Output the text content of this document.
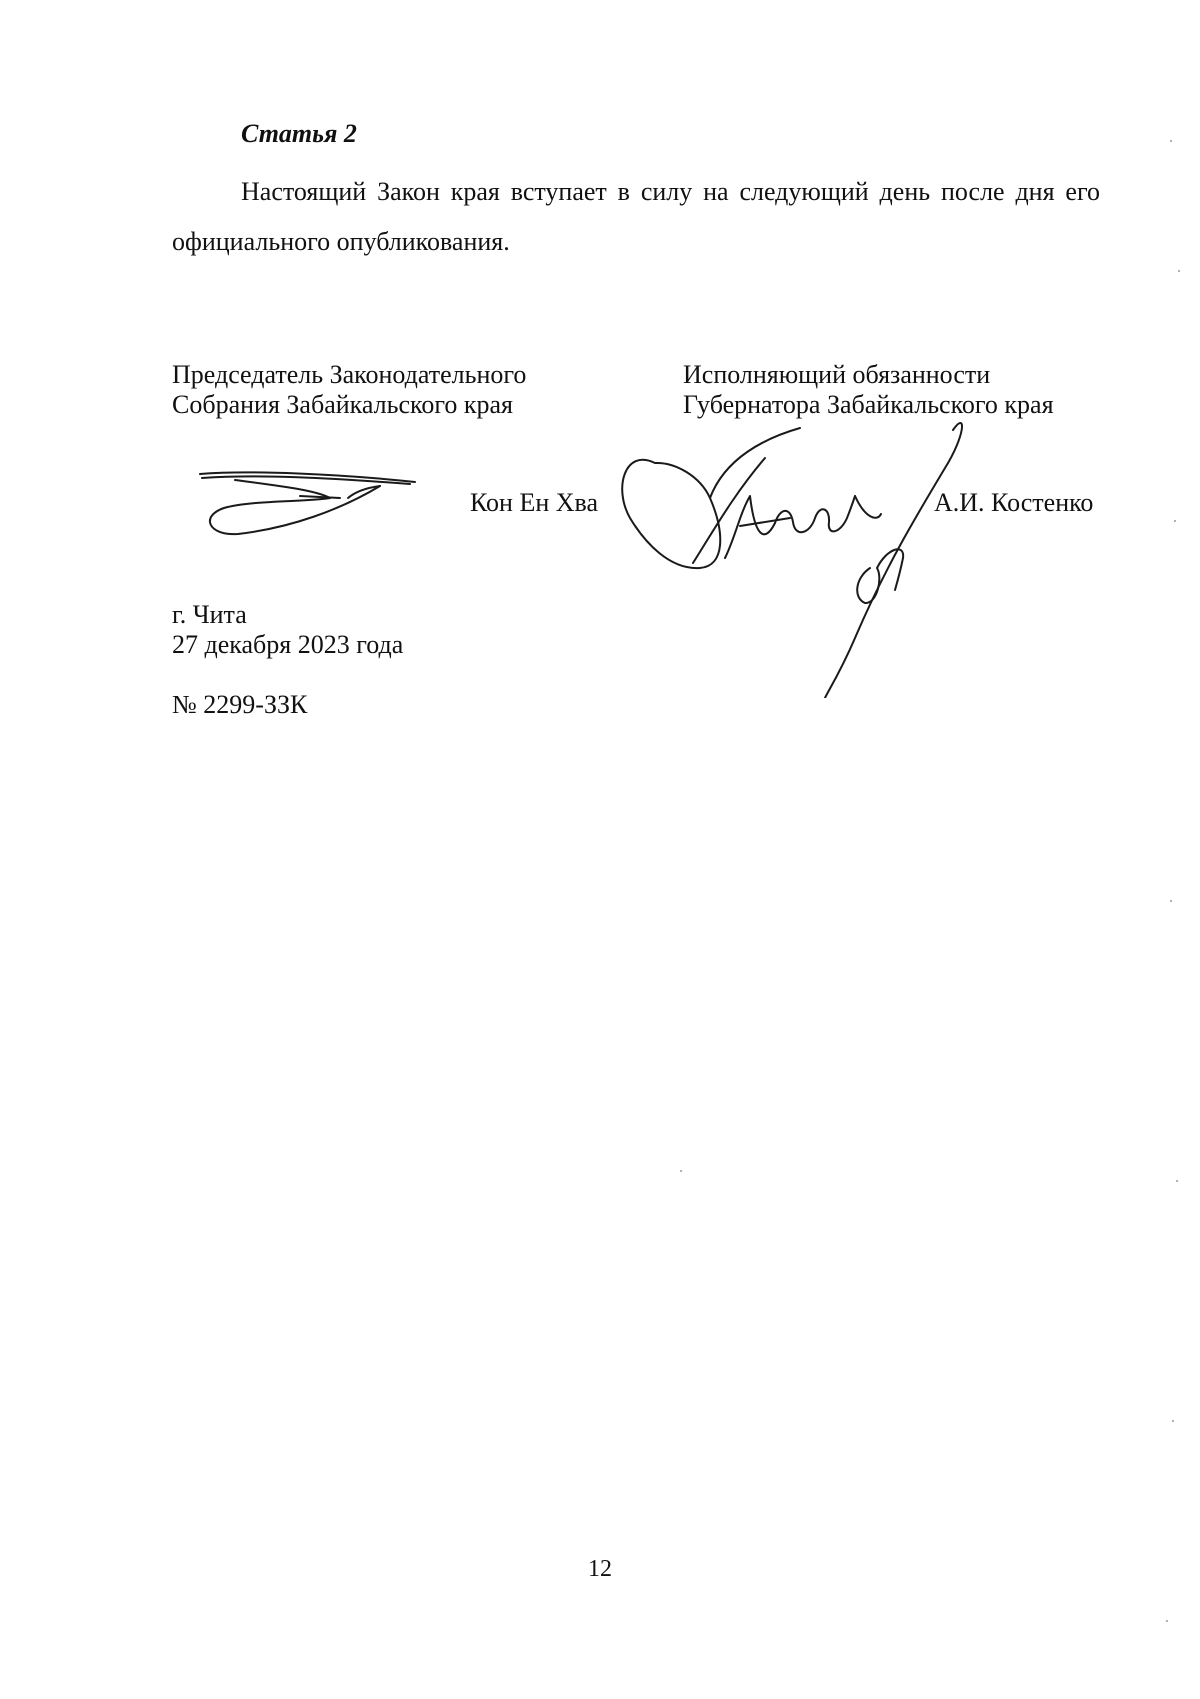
Статья 2
Настоящий Закон края вступает в силу на следующий день после дня его официального опубликования.
Председатель Законодательного
Собрания Забайкальского края
Исполняющий обязанности
Губернатора Забайкальского края
Кон Ен Хва	А.И. Костенко
г. Чита
27 декабря 2023 года
№ 2299-ЗЗК
12
